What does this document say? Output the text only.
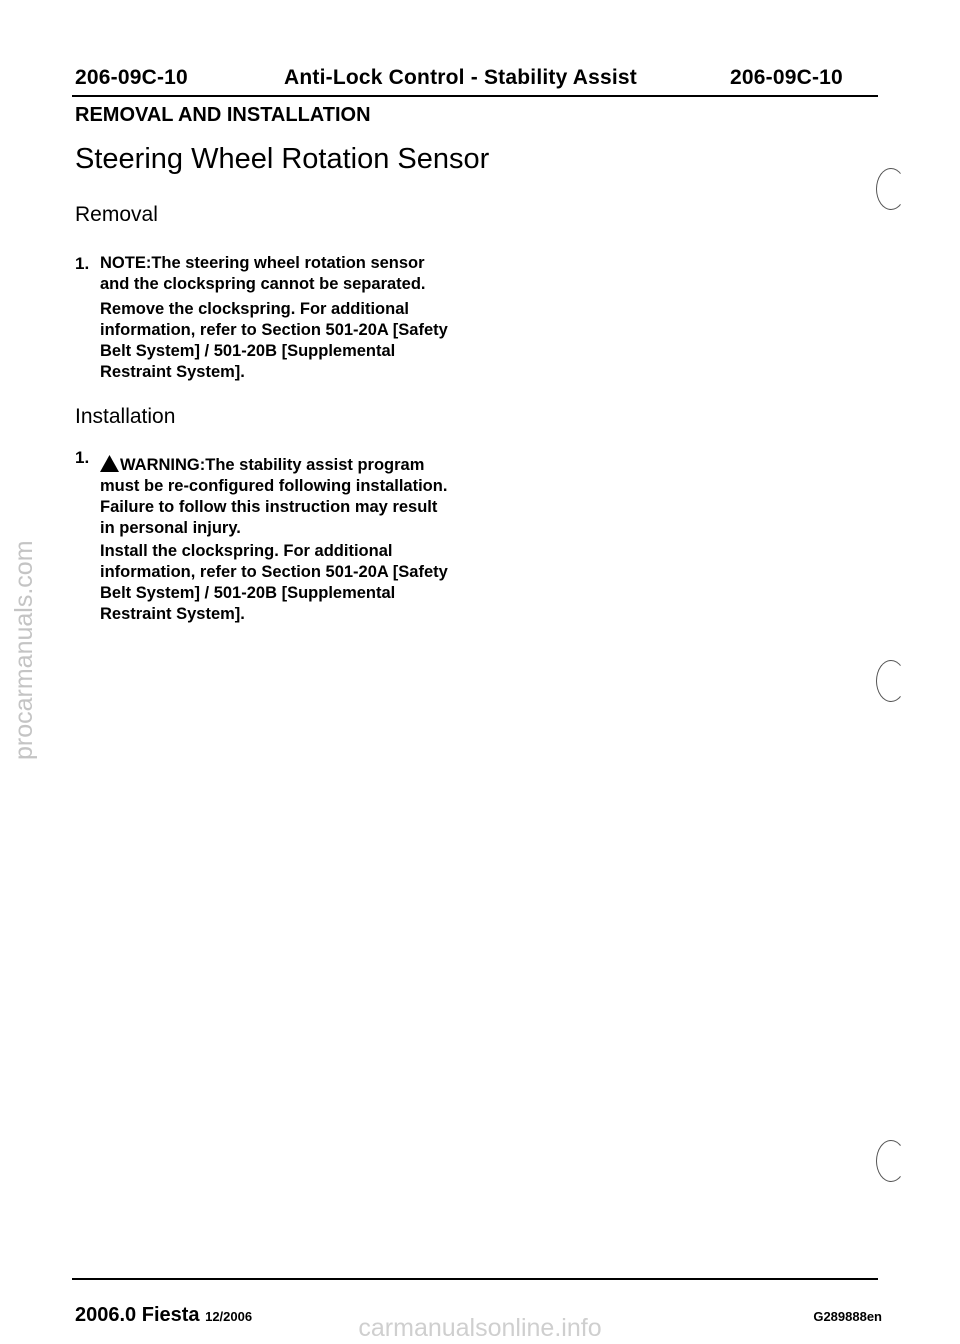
206-09C-10	Anti-Lock Control - Stability Assist	206-09C-10
REMOVAL AND INSTALLATION
Steering Wheel Rotation Sensor
Removal
1. NOTE:The steering wheel rotation sensor
and the clockspring cannot be separated.
Remove the clockspring. For additional
information, refer to Section 501-20A [Safety
Belt System] / 501-20B [Supplemental
Restraint System].
Installation
1.	WARNING:The stability assist program
must be re-configured following installation.
Failure to follow this instruction may result
in personal injury.
Install the clockspring. For additional
information, refer to Section 501-20A [Safety
Belt System] / 501-20B [Supplemental
Restraint System].
procarmanuals.com
2006.0 Fiesta 12/2006	G289888en
carmanualsonline.info
